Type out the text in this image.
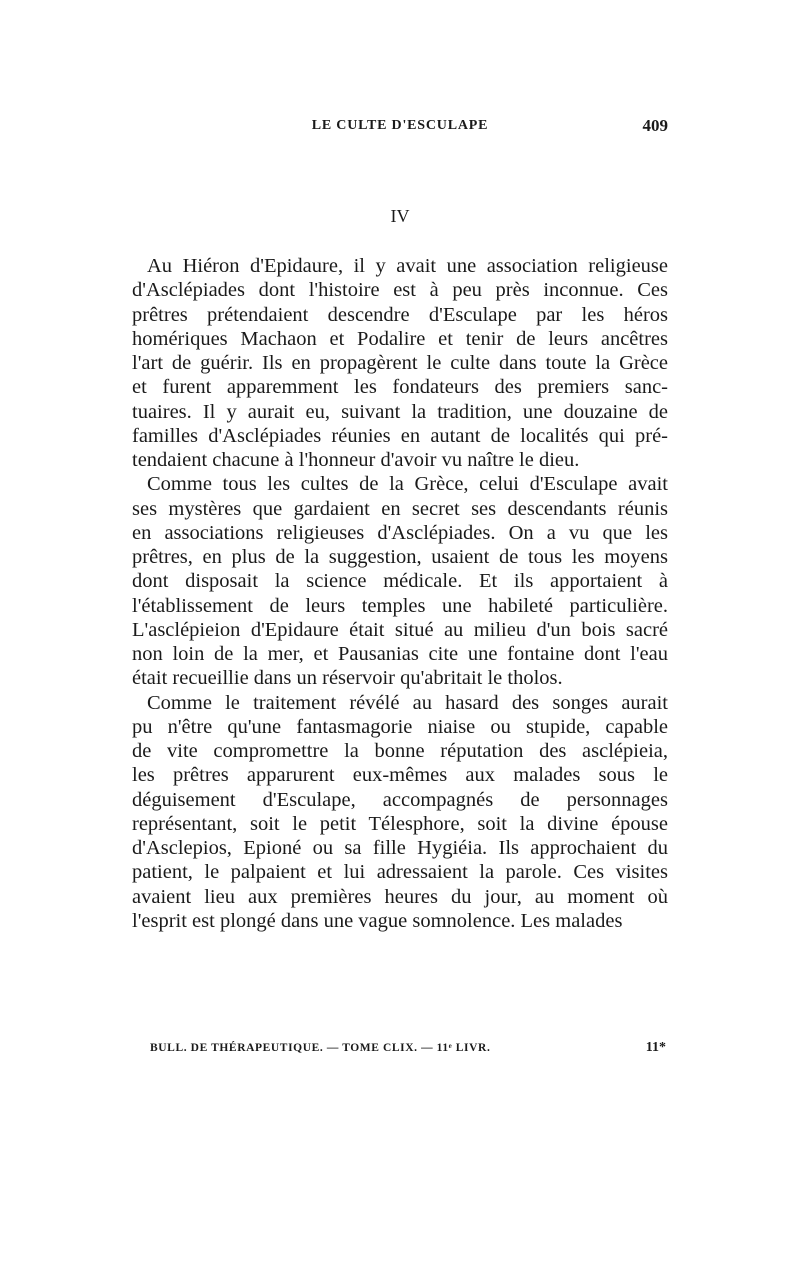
LE CULTE D'ESCULAPE	409
IV
Au Hiéron d'Epidaure, il y avait une association religieuse
d'Asclépiades dont l'histoire est à peu près inconnue. Ces
prêtres prétendaient descendre d'Esculape par les héros
homériques Machaon et Podalire et tenir de leurs ancêtres
l'art de guérir. Ils en propagèrent le culte dans toute la Grèce
et furent apparemment les fondateurs des premiers sanc-
tuaires. Il y aurait eu, suivant la tradition, une douzaine de
familles d'Asclépiades réunies en autant de localités qui pré-
tendaient chacune à l'honneur d'avoir vu naître le dieu.
Comme tous les cultes de la Grèce, celui d'Esculape avait
ses mystères que gardaient en secret ses descendants réunis
en associations religieuses d'Asclépiades. On a vu que les
prêtres, en plus de la suggestion, usaient de tous les moyens
dont disposait la science médicale. Et ils apportaient à
l'établissement de leurs temples une habileté particulière.
L'asclépieion d'Epidaure était situé au milieu d'un bois sacré
non loin de la mer, et Pausanias cite une fontaine dont l'eau
était recueillie dans un réservoir qu'abritait le tholos.
Comme le traitement révélé au hasard des songes aurait
pu n'être qu'une fantasmagorie niaise ou stupide, capable
de vite compromettre la bonne réputation des asclépieia,
les prêtres apparurent eux-mêmes aux malades sous le
déguisement d'Esculape, accompagnés de personnages
représentant, soit le petit Télesphore, soit la divine épouse
d'Asclepios, Epioné ou sa fille Hygiéia. Ils approchaient du
patient, le palpaient et lui adressaient la parole. Ces visites
avaient lieu aux premières heures du jour, au moment où
l'esprit est plongé dans une vague somnolence. Les malades
BULL. DE THÉRAPEUTIQUE. — TOME CLIX. — 11ᵉ LIVR.	11*
